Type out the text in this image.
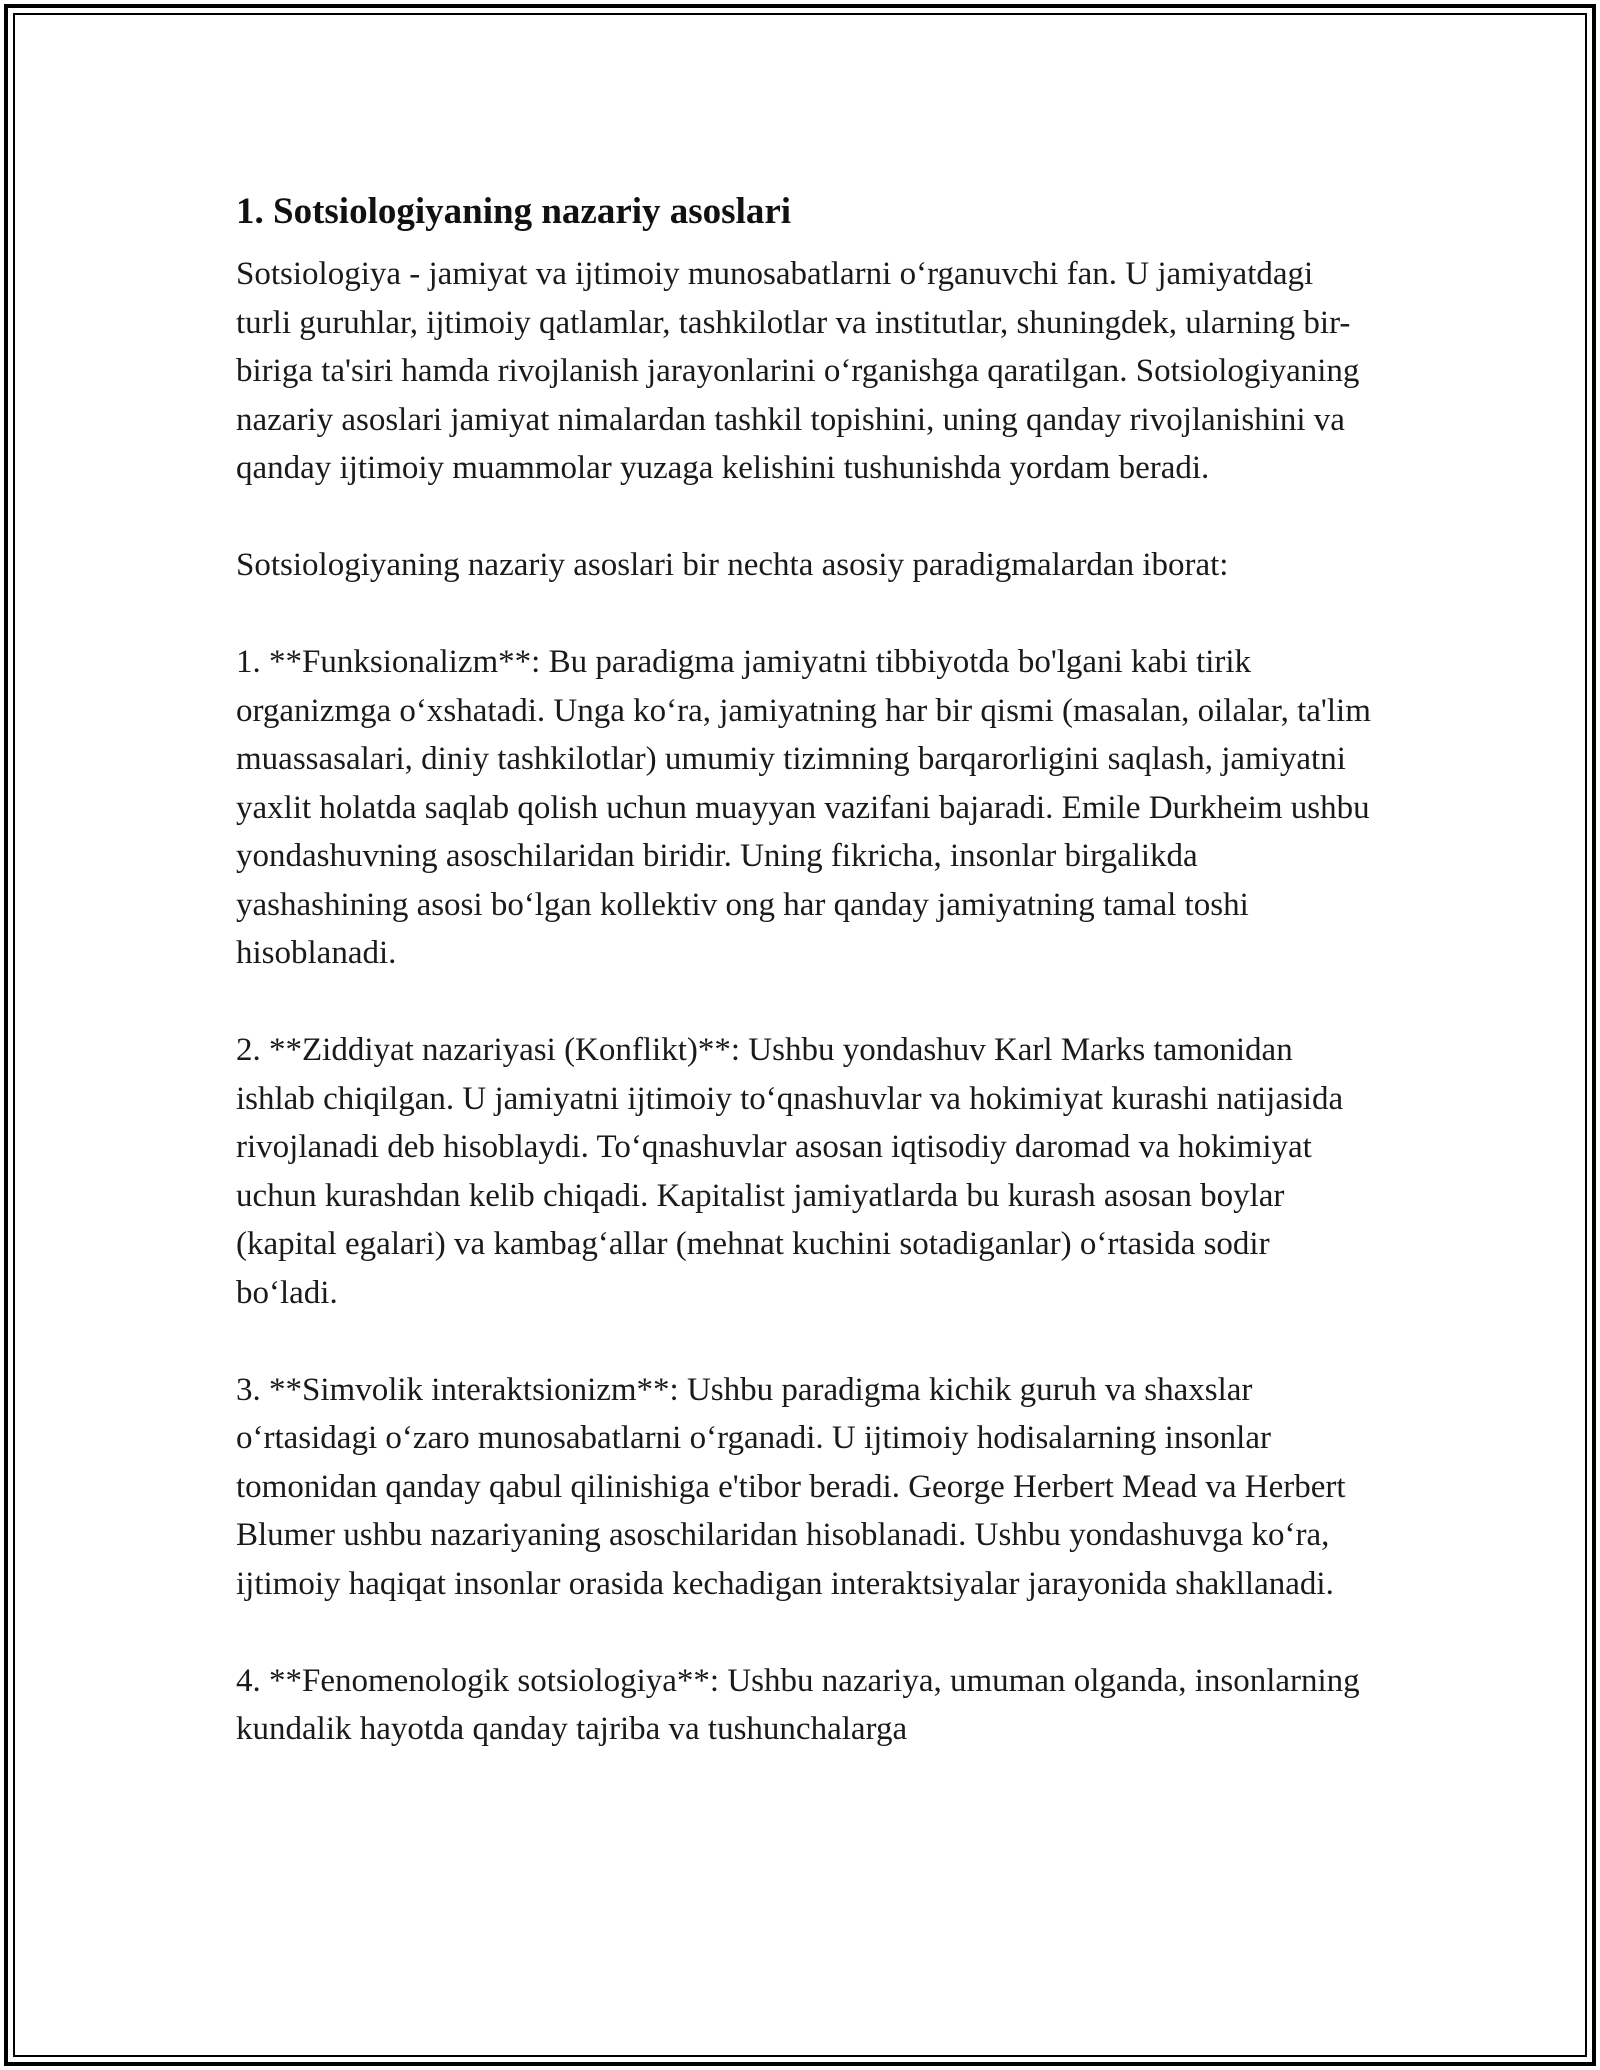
1. Sotsiologiyaning nazariy asoslari

Sotsiologiya - jamiyat va ijtimoiy munosabatlarni o‘rganuvchi fan. U jamiyatdagi turli guruhlar, ijtimoiy qatlamlar, tashkilotlar va institutlar, shuningdek, ularning bir-biriga ta'siri hamda rivojlanish jarayonlarini o‘rganishga qaratilgan. Sotsiologiyaning nazariy asoslari jamiyat nimalardan tashkil topishini, uning qanday rivojlanishini va qanday ijtimoiy muammolar yuzaga kelishini tushunishda yordam beradi.

Sotsiologiyaning nazariy asoslari bir nechta asosiy paradigmalardan iborat:

1. **Funksionalizm**: Bu paradigma jamiyatni tibbiyotda bo'lgani kabi tirik organizmga o‘xshatadi. Unga ko‘ra, jamiyatning har bir qismi (masalan, oilalar, ta'lim muassasalari, diniy tashkilotlar) umumiy tizimning barqarorligini saqlash, jamiyatni yaxlit holatda saqlab qolish uchun muayyan vazifani bajaradi. Emile Durkheim ushbu yondashuvning asoschilaridan biridir. Uning fikricha, insonlar birgalikda yashashining asosi bo‘lgan kollektiv ong har qanday jamiyatning tamal toshi hisoblanadi.

2. **Ziddiyat nazariyasi (Konflikt)**: Ushbu yondashuv Karl Marks tamonidan ishlab chiqilgan. U jamiyatni ijtimoiy to‘qnashuvlar va hokimiyat kurashi natijasida rivojlanadi deb hisoblaydi. To‘qnashuvlar asosan iqtisodiy daromad va hokimiyat uchun kurashdan kelib chiqadi. Kapitalist jamiyatlarda bu kurash asosan boylar (kapital egalari) va kambag‘allar (mehnat kuchini sotadiganlar) o‘rtasida sodir bo‘ladi.

3. **Simvolik interaktsionizm**: Ushbu paradigma kichik guruh va shaxslar o‘rtasidagi o‘zaro munosabatlarni o‘rganadi. U ijtimoiy hodisalarning insonlar tomonidan qanday qabul qilinishiga e'tibor beradi. George Herbert Mead va Herbert Blumer ushbu nazariyaning asoschilaridan hisoblanadi. Ushbu yondashuvga ko‘ra, ijtimoiy haqiqat insonlar orasida kechadigan interaktsiyalar jarayonida shakllanadi.

4. **Fenomenologik sotsiologiya**: Ushbu nazariya, umuman olganda, insonlarning kundalik hayotda qanday tajriba va tushunchalarga
